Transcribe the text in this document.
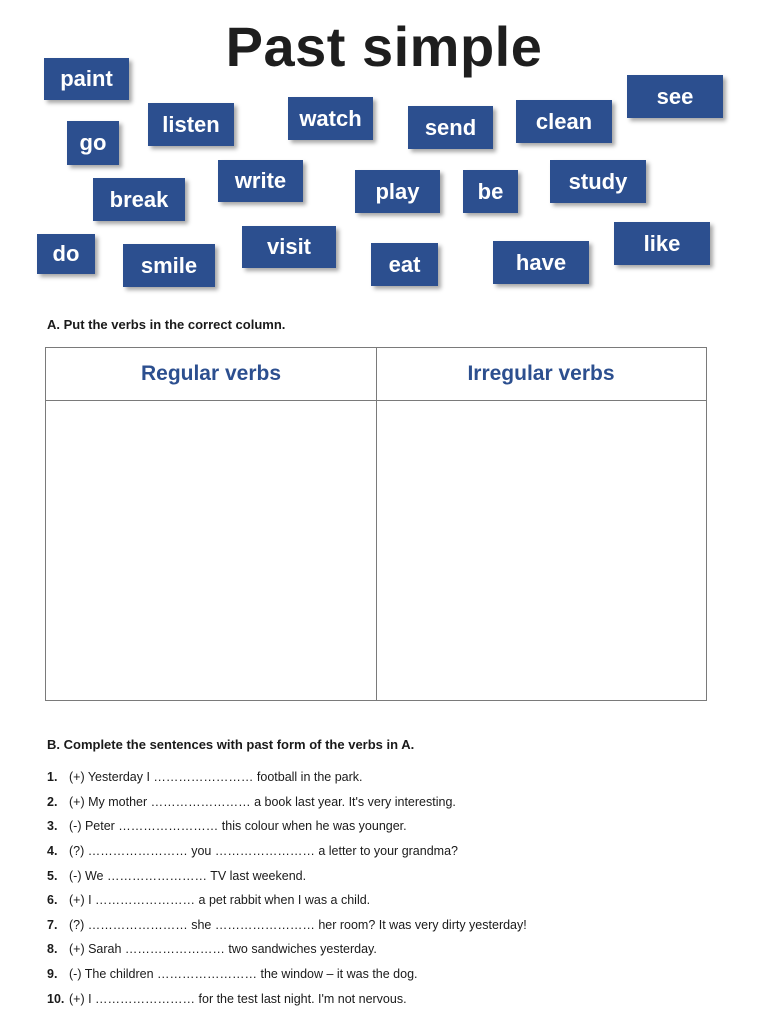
Past simple
paint
listen	watch	send	clean
see
go
break
write	play	be	study
do	smile
visit
eat	have
like
A. Put the verbs in the correct column.
Regular verbs	Irregular verbs
B. Complete the sentences with past form of the verbs in A.
1. (+) Yesterday I …………………… football in the park.
2. (+) My mother …………………… a book last year. It's very interesting.
3. (-) Peter …………………… this colour when he was younger.
4. (?) …………………… you …………………… a letter to your grandma?
5. (-) We …………………… TV last weekend.
6. (+) I …………………… a pet rabbit when I was a child.
7. (?) …………………… she …………………… her room? It was very dirty yesterday!
8. (+) Sarah …………………… two sandwiches yesterday.
9. (-) The children …………………… the window – it was the dog.
10. (+) I …………………… for the test last night. I'm not nervous.
